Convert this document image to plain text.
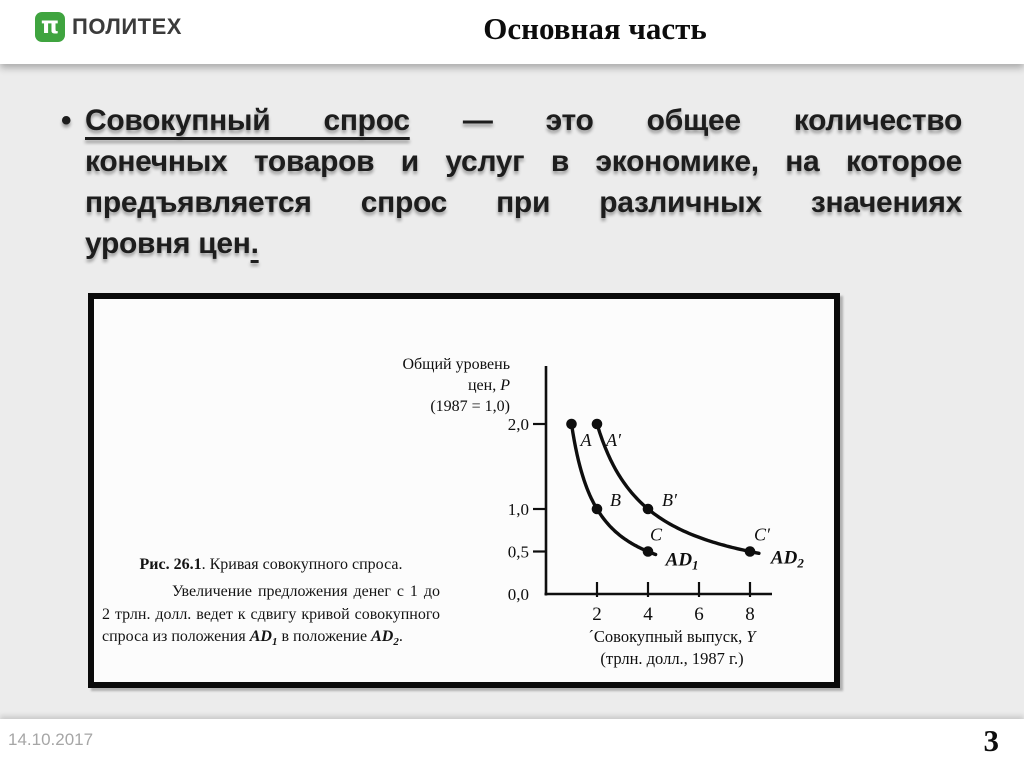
π ПОЛИТЕХ	Основная часть
• Совокупный спрос — это общее количество
конечных товаров и услуг в экономике, на которое
предъявляется спрос при различных значениях
уровня цен.
2,0
1,0
0,5
0,0
2 4 6 8
A
B
C
$AD_1$
A′
B′
C′
$AD_2$
Общий уровень
цен, P
(1987 = 1,0)
´Совокупный выпуск, Y
(трлн. долл., 1987 г.)
Рис. 26.1. Кривая совокупного спроса.
Увеличение предложения денег с 1 до 2 трлн. долл. ведет к сдвигу кривой совокупного спроса из положения $AD_1$ в положение $AD_2$.
14.10.2017	3
